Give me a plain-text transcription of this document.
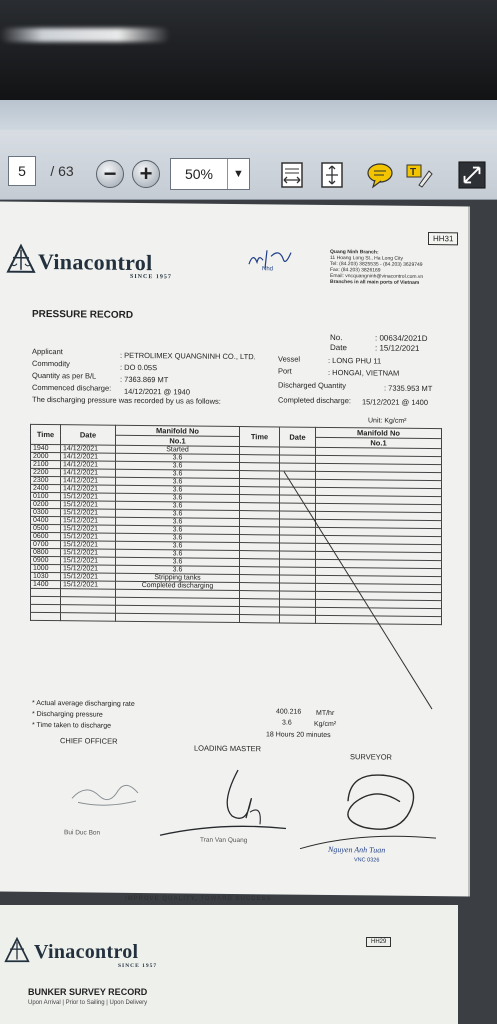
5	/ 63	− +	50%	▼	T
HH31
Vinacontrol
SINCE 1957
Nhd
Quang Ninh Branch:
11 Hoang Long St., Ha Long City
Tel: (84.203) 3825535 - (84.203) 3629749
Fax: (84.203) 3826169
Email: vncquangninh@vinacontrol.com.vn
Branches in all main ports of Vietnam
PRESSURE RECORD
No.	: 00634/2021D
Date	: 15/12/2021
Applicant	: PETROLIMEX QUANGNINH CO., LTD.
Commodity	: DO 0.05S
Quantity as per B/L	: 7363.869 MT
Commenced discharge: 14/12/2021 @ 1940
The discharging pressure was recorded by us as follows:
Vessel	: LONG PHU 11
Port	: HONGAI, VIETNAM
Discharged Quantity	: 7335.953 MT
Completed discharge: 15/12/2021 @ 1400
Unit: Kg/cm²
Time	Date	Manifold No	Time	Date	Manifold No
		No.1			No.1
1940	14/12/2021	Started			
2000	14/12/2021	3.6			
2100	14/12/2021	3.6			
2200	14/12/2021	3.6			
2300	14/12/2021	3.6			
2400	14/12/2021	3.6			
0100	15/12/2021	3.6			
0200	15/12/2021	3.6			
0300	15/12/2021	3.6			
0400	15/12/2021	3.6			
0500	15/12/2021	3.6			
0600	15/12/2021	3.6			
0700	15/12/2021	3.6			
0800	15/12/2021	3.6			
0900	15/12/2021	3.6			
1000	15/12/2021	3.6			
1030	15/12/2021	Stripping tanks			
1400	15/12/2021	Completed discharging			

* Actual average discharging rate
400.216 MT/hr
* Discharging pressure
3.6	Kg/cm²
* Time taken to discharge
18 Hours 20 minutes
CHIEF OFFICER
LOADING MASTER
SURVEYOR
Bui Duc Bon
Tran Van Quang
Nguyen Anh Tuan
VNC 0326
IMPROVE QUALITY, TOWARD SUCCESS
HH29
Vinacontrol
SINCE 1957
BUNKER SURVEY RECORD
Upon Arrival | Prior to Sailing | Upon Delivery
